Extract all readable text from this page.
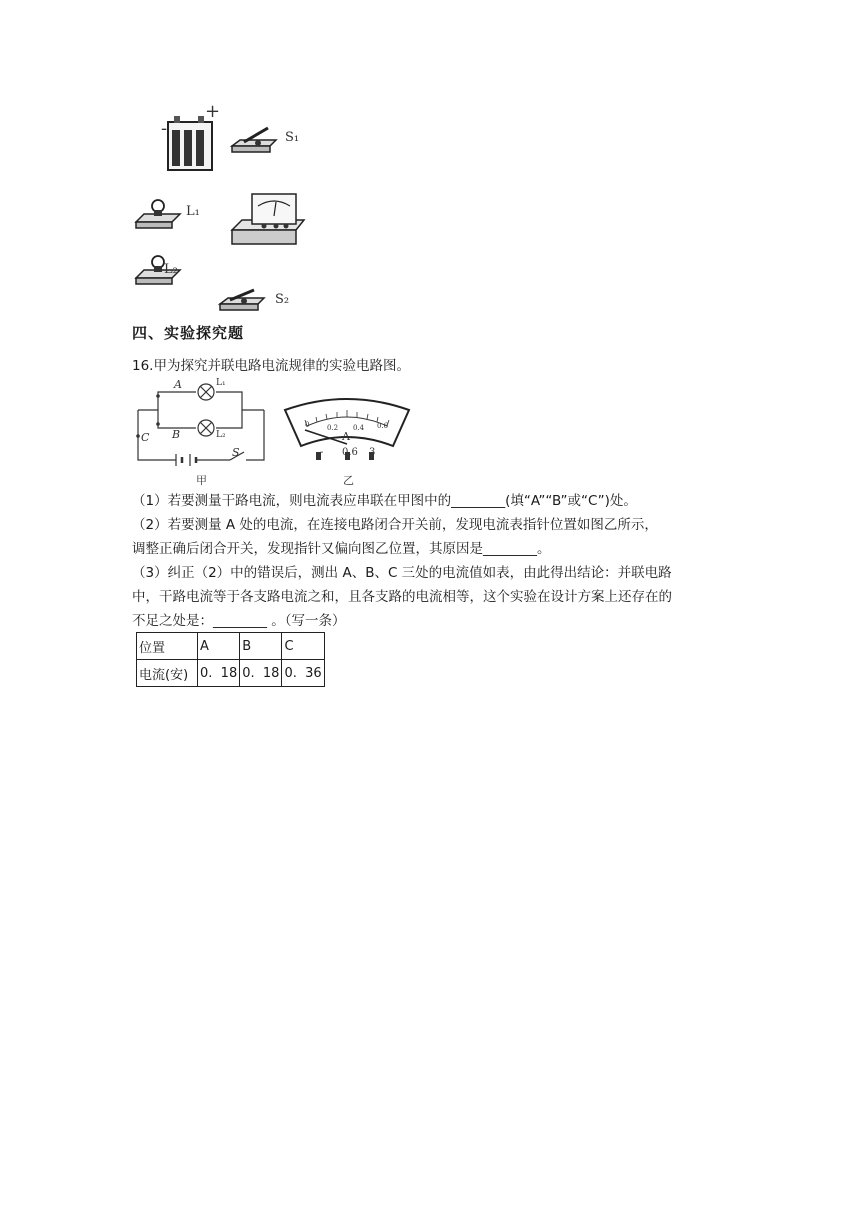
-
+
S₁
L₁
L₂
S₂
四、实验探究题
16.甲为探究并联电路电流规律的实验电路图。
A
B
C
L₁
L₂
S
甲
0	0.2 0.4 0.6
A
- 0.6 3
乙
（1）若要测量干路电流，则电流表应串联在甲图中的________(填“A”“B”或“C”)处。
（2）若要测量 A 处的电流，在连接电路闭合开关前，发现电流表指针位置如图乙所示，
调整正确后闭合开关，发现指针又偏向图乙位置，其原因是________。
（3）纠正（2）中的错误后，测出 A、B、C 三处的电流值如表，由此得出结论：并联电路
中，干路电流等于各支路电流之和，且各支路的电流相等，这个实验在设计方案上还存在的
不足之处是：________ 。（写一条）
位置	A	B	C
电流(安)	0.  18	0.  18	0.  36
